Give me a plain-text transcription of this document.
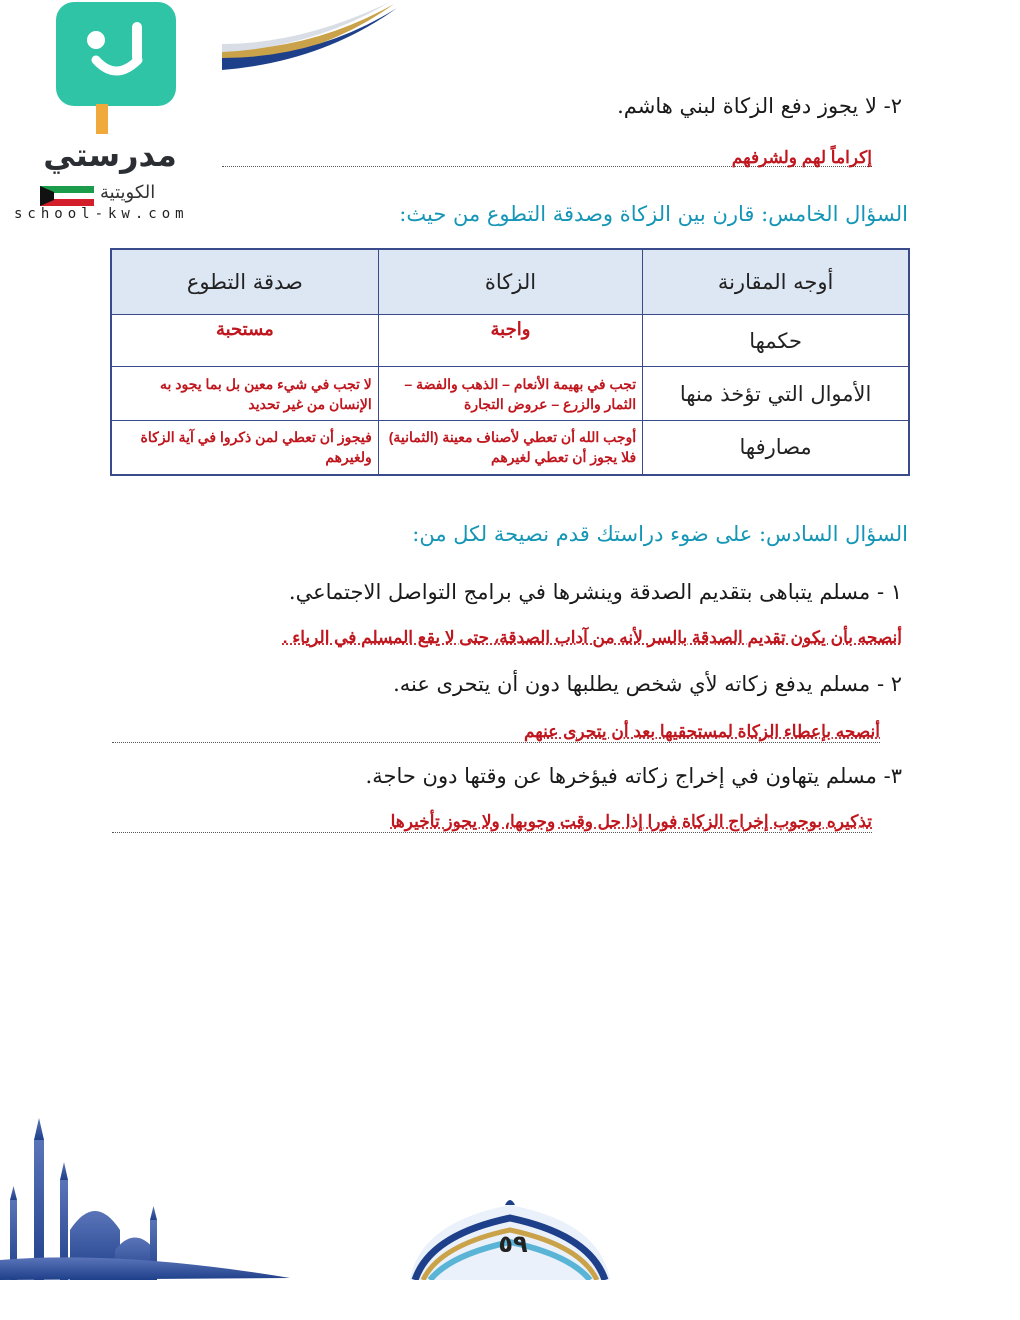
مدرستي
الكويتية
school-kw.com
٢- لا يجوز دفع الزكاة لبني هاشم.
إكراماً لهم ولشرفهم
السؤال الخامس: قارن بين الزكاة وصدقة التطوع من حيث:
أوجه المقارنة	الزكاة	صدقة التطوع
حكمها	واجبة	مستحبة
الأموال التي تؤخذ منها	تجب في بهيمة الأنعام – الذهب والفضة – الثمار والزرع – عروض التجارة	لا تجب في شيء معين بل بما يجود به الإنسان من غير تحديد
مصارفها	أوجب الله أن تعطي لأصناف معينة (الثمانية) فلا يجوز أن تعطي لغيرهم	فيجوز أن تعطي لمن ذكروا في آية الزكاة ولغيرهم
السؤال السادس: على ضوء دراستك قدم نصيحة لكل من:
١ - مسلم يتباهى بتقديم الصدقة وينشرها في برامج التواصل الاجتماعي.
أنصحه بأن يكون تقديم الصدقة بالسر لأنه من آداب الصدقة، حتى لا يقع المسلم في الرياء .
٢ - مسلم يدفع زكاته لأي شخص يطلبها دون أن يتحرى عنه.
أنصحه بإعطاء الزكاة لمستحقيها بعد أن يتحرى عنهم
٣- مسلم يتهاون في إخراج زكاته فيؤخرها عن وقتها دون حاجة.
تذكيره بوجوب إخراج الزكاة فورا إذا حل وقت وجوبها، ولا يجوز تأخيرها
٥٩
